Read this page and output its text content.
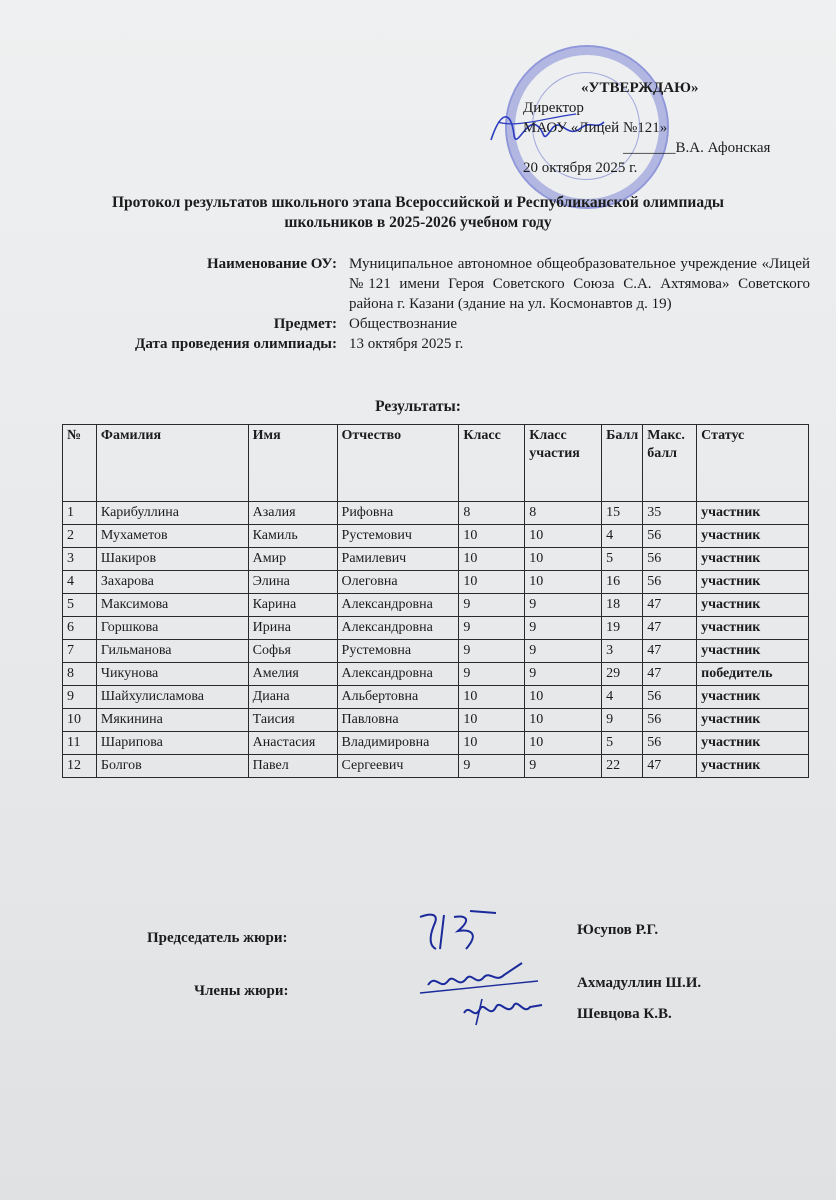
«УТВЕРЖДАЮ»
Директор
МАОУ «Лицей №121»
_______В.А. Афонская
20 октября 2025 г.
Протокол результатов школьного этапа Всероссийской и Республиканской олимпиады
школьников в 2025-2026 учебном году
Наименование ОУ: Муниципальное автономное общеобразовательное учреждение «Лицей №121 имени Героя Советского Союза С.А. Ахтямова» Советского района г. Казани (здание на ул. Космонавтов д. 19)
Предмет: Обществознание
Дата проведения олимпиады: 13 октября 2025 г.
Результаты:
№	Фамилия	Имя	Отчество	Класс	Класс участия	Балл	Макс. балл	Статус
1	Карибуллина	Азалия	Рифовна	8	8	15	35	участник
2	Мухаметов	Камиль	Рустемович	10	10	4	56	участник
3	Шакиров	Амир	Рамилевич	10	10	5	56	участник
4	Захарова	Элина	Олеговна	10	10	16	56	участник
5	Максимова	Карина	Александровна	9	9	18	47	участник
6	Горшкова	Ирина	Александровна	9	9	19	47	участник
7	Гильманова	Софья	Рустемовна	9	9	3	47	участник
8	Чикунова	Амелия	Александровна	9	9	29	47	победитель
9	Шайхулисламова	Диана	Альбертовна	10	10	4	56	участник
10	Мякинина	Таисия	Павловна	10	10	9	56	участник
11	Шарипова	Анастасия	Владимировна	10	10	5	56	участник
12	Болгов	Павел	Сергеевич	9	9	22	47	участник
Председатель жюри:	Юсупов Р.Г.
Члены жюри:	Ахмадуллин Ш.И.
Шевцова К.В.
